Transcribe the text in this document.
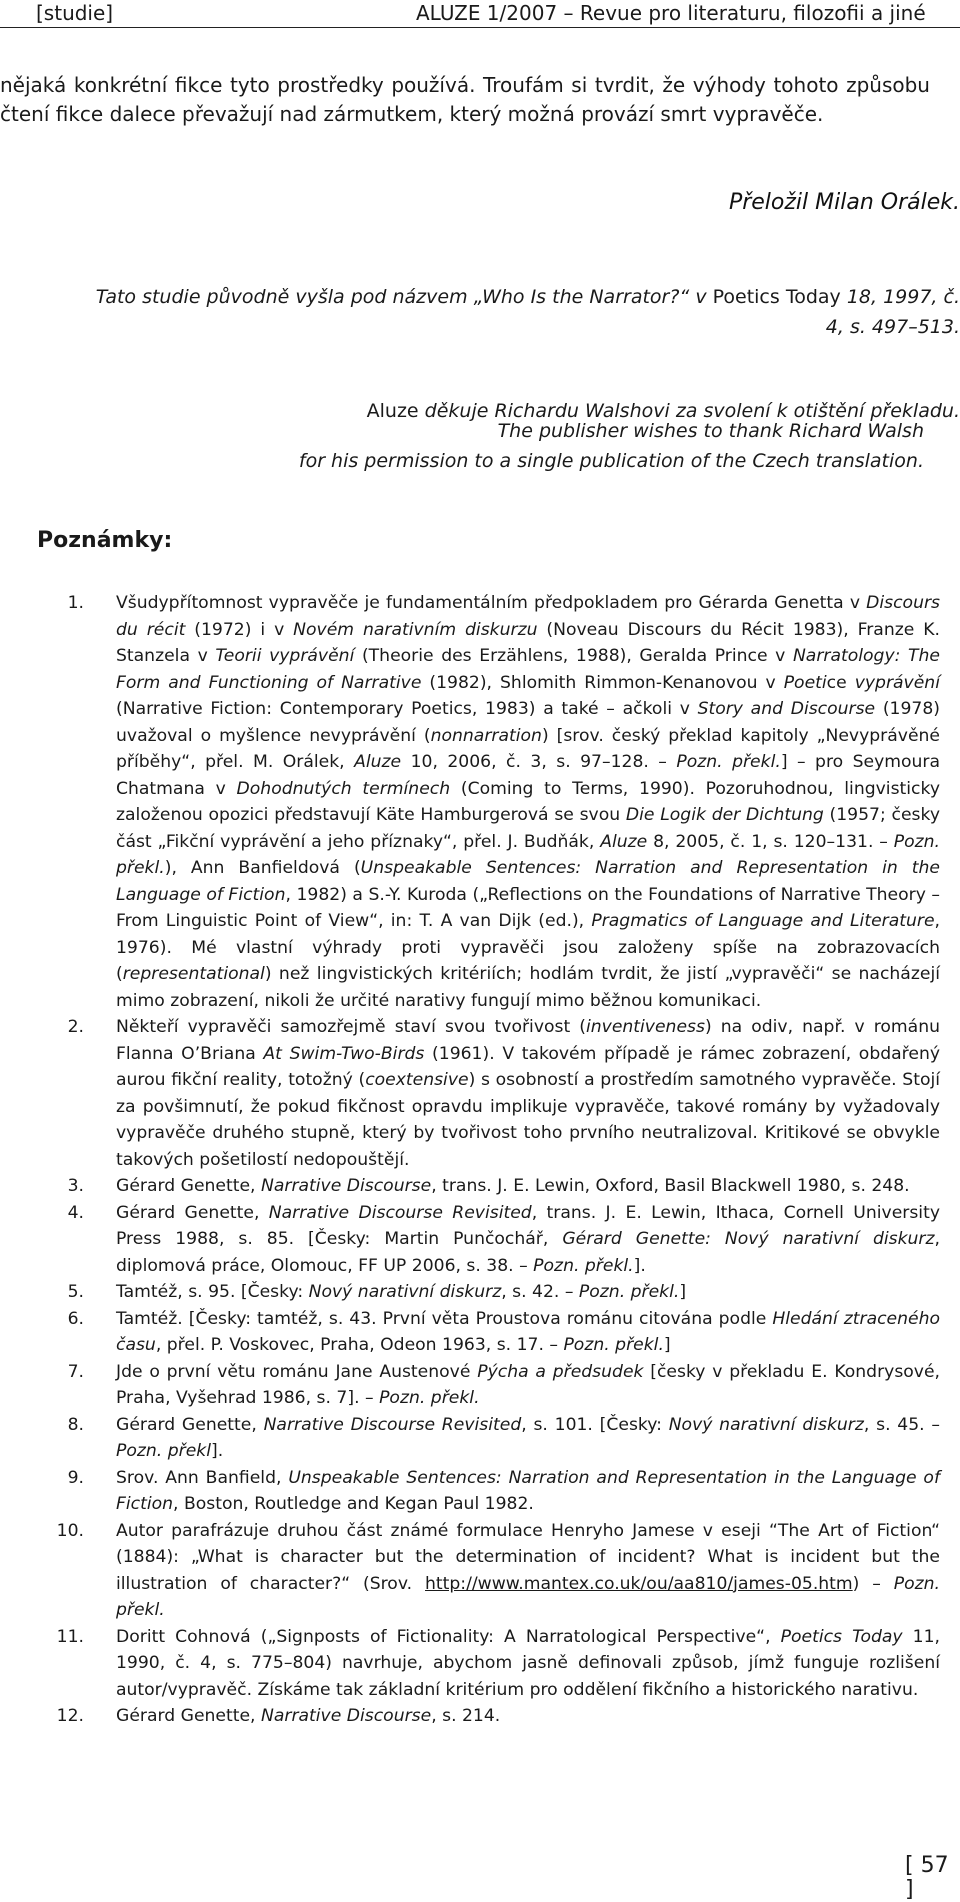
[studie]	ALUZE 1/2007 – Revue pro literaturu, filozofii a jiné
nějaká konkrétní fikce tyto prostředky používá. Troufám si tvrdit, že výhody tohoto způsobu čtení fikce dalece převažují nad zármutkem, který možná provází smrt vypravěče.
Přeložil Milan Orálek.
Tato studie původně vyšla pod názvem „Who Is the Narrator?“ v Poetics Today 18, 1997, č. 4, s. 497–513.
Aluze děkuje Richardu Walshovi za svolení k otištění překladu.
The publisher wishes to thank Richard Walsh
for his permission to a single publication of the Czech translation.
Poznámky:
1. Všudypřítomnost vypravěče je fundamentálním předpokladem pro Gérarda Genetta v Discours du récit (1972) i v Novém narativním diskurzu (Noveau Discours du Récit 1983), Franze K. Stanzela v Teorii vyprávění (Theorie des Erzählens, 1988), Geralda Prince v Narratology: The Form and Functioning of Narrative (1982), Shlomith Rimmon-Kenanovou v Poetice vyprávění (Narrative Fiction: Contemporary Poetics, 1983) a také – ačkoli v Story and Discourse (1978) uvažoval o myšlence nevyprávění (nonnarration) [srov. český překlad kapitoly „Nevyprávěné příběhy“, přel. M. Orálek, Aluze 10, 2006, č. 3, s. 97–128. – Pozn. překl.] – pro Seymoura Chatmana v Dohodnutých termínech (Coming to Terms, 1990). Pozoruhodnou, lingvisticky založenou opozici představují Käte Hamburgerová se svou Die Logik der Dichtung (1957; česky část „Fikční vyprávění a jeho příznaky“, přel. J. Budňák, Aluze 8, 2005, č. 1, s. 120–131. – Pozn. překl.), Ann Banfieldová (Unspeakable Sentences: Narration and Representation in the Language of Fiction, 1982) a S.-Y. Kuroda („Reflections on the Foundations of Narrative Theory – From Linguistic Point of View“, in: T. A van Dijk (ed.), Pragmatics of Language and Literature, 1976). Mé vlastní výhrady proti vypravěči jsou založeny spíše na zobrazovacích (representational) než lingvistických kritériích; hodlám tvrdit, že jistí „vypravěči“ se nacházejí mimo zobrazení, nikoli že určité narativy fungují mimo běžnou komunikaci.
2. Někteří vypravěči samozřejmě staví svou tvořivost (inventiveness) na odiv, např. v románu Flanna O’Briana At Swim-Two-Birds (1961). V takovém případě je rámec zobrazení, obdařený aurou fikční reality, totožný (coextensive) s osobností a prostředím samotného vypravěče. Stojí za povšimnutí, že pokud fikčnost opravdu implikuje vypravěče, takové romány by vyžadovaly vypravěče druhého stupně, který by tvořivost toho prvního neutralizoval. Kritikové se obvykle takových pošetilostí nedopouštějí.
3. Gérard Genette, Narrative Discourse, trans. J. E. Lewin, Oxford, Basil Blackwell 1980, s. 248.
4. Gérard Genette, Narrative Discourse Revisited, trans. J. E. Lewin, Ithaca, Cornell University Press 1988, s. 85. [Česky: Martin Punčochář, Gérard Genette: Nový narativní diskurz, diplomová práce, Olomouc, FF UP 2006, s. 38. – Pozn. překl.].
5. Tamtéž, s. 95. [Česky: Nový narativní diskurz, s. 42. – Pozn. překl.]
6. Tamtéž. [Česky: tamtéž, s. 43. První věta Proustova románu citována podle Hledání ztraceného času, přel. P. Voskovec, Praha, Odeon 1963, s. 17. – Pozn. překl.]
7. Jde o první větu románu Jane Austenové Pýcha a předsudek [česky v překladu E. Kondrysové, Praha, Vyšehrad 1986, s. 7]. – Pozn. překl.
8. Gérard Genette, Narrative Discourse Revisited, s. 101. [Česky: Nový narativní diskurz, s. 45. – Pozn. překl].
9. Srov. Ann Banfield, Unspeakable Sentences: Narration and Representation in the Language of Fiction, Boston, Routledge and Kegan Paul 1982.
10. Autor parafrázuje druhou část známé formulace Henryho Jamese v eseji “The Art of Fiction“ (1884): „What is character but the determination of incident? What is incident but the illustration of character?“ (Srov. http://www.mantex.co.uk/ou/aa810/james-05.htm) – Pozn. překl.
11. Doritt Cohnová („Signposts of Fictionality: A Narratological Perspective“, Poetics Today 11, 1990, č. 4, s. 775–804) navrhuje, abychom jasně definovali způsob, jímž funguje rozlišení autor/vypravěč. Získáme tak základní kritérium pro oddělení fikčního a historického narativu.
12. Gérard Genette, Narrative Discourse, s. 214.
[ 57 ]
